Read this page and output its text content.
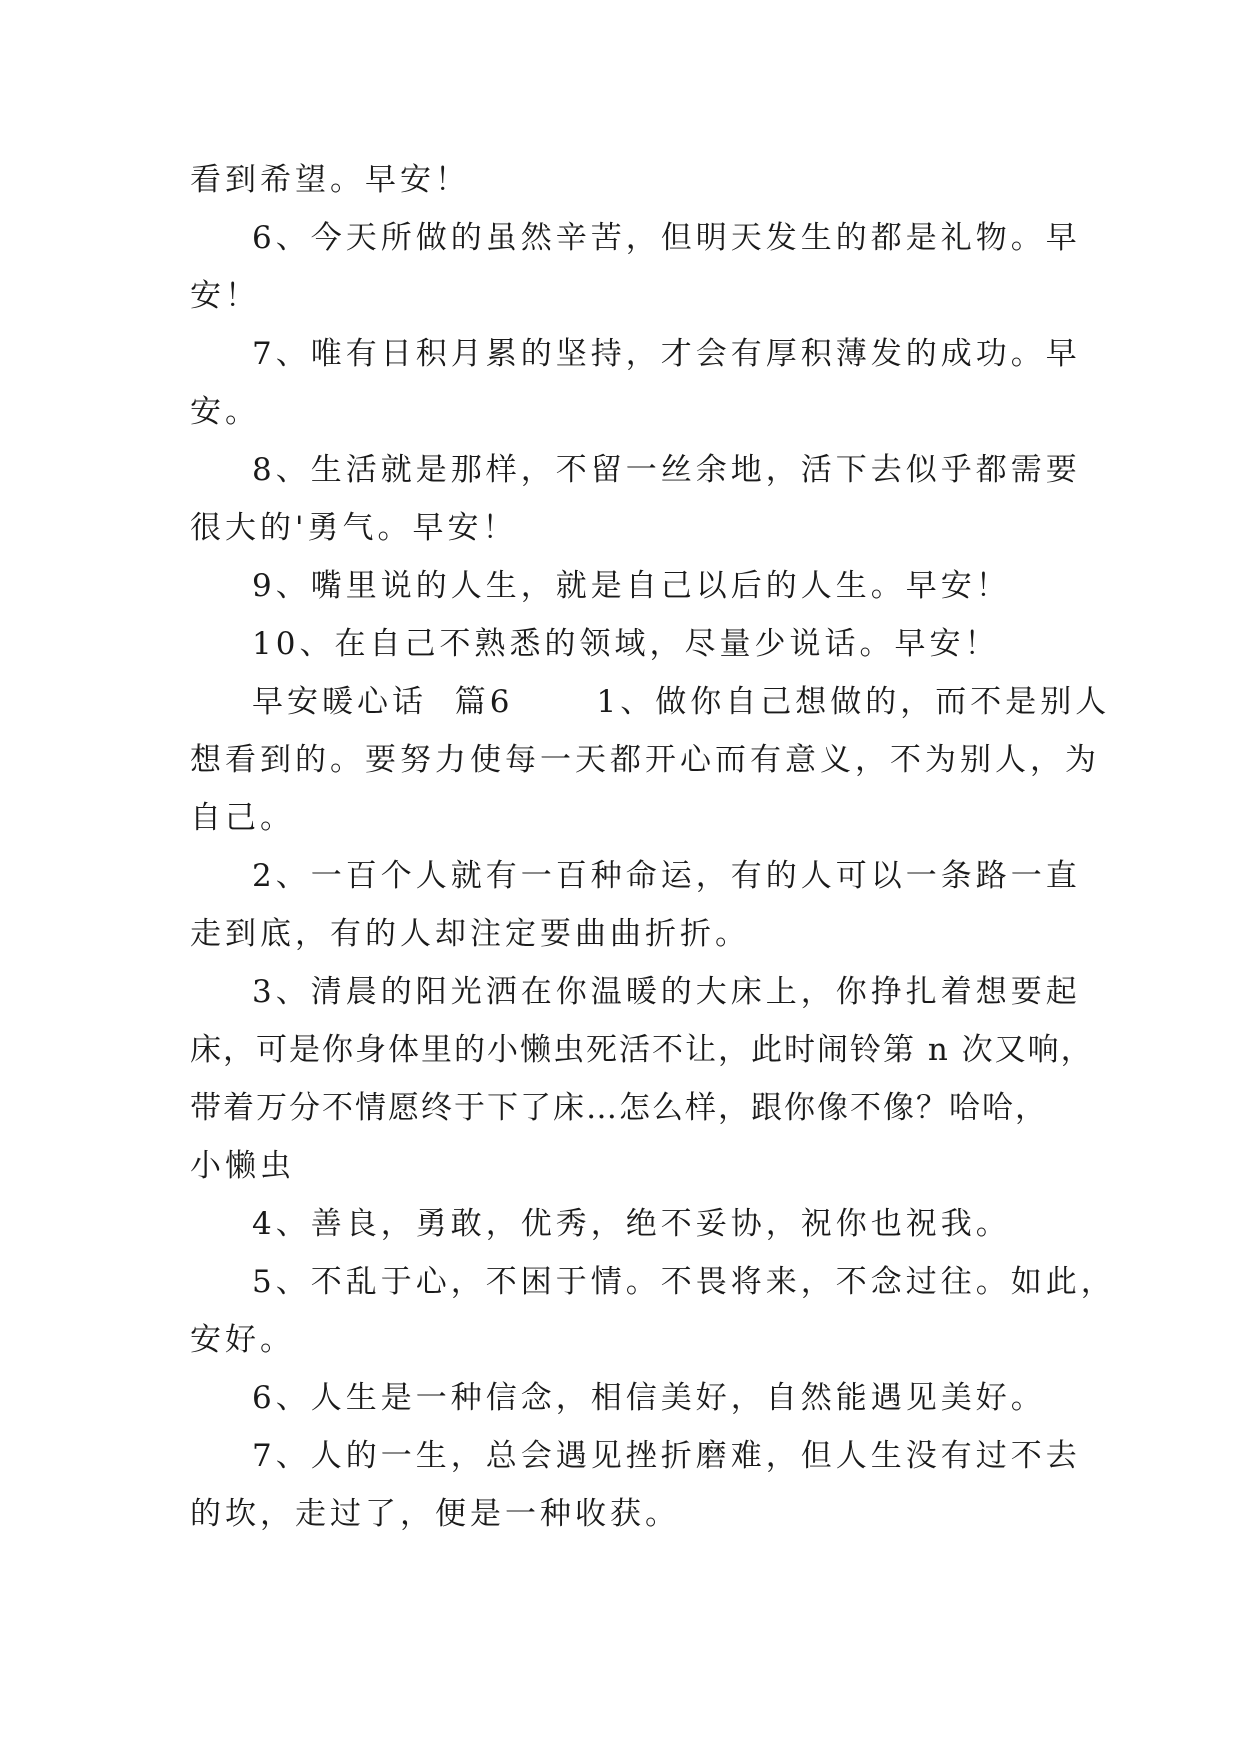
看到希望。早安！
6、今天所做的虽然辛苦，但明天发生的都是礼物。早
安！
7、唯有日积月累的坚持，才会有厚积薄发的成功。早
安。
8、生活就是那样，不留一丝余地，活下去似乎都需要
很大的'勇气。早安！
9、嘴里说的人生，就是自己以后的人生。早安！
10、在自己不熟悉的领域，尽量少说话。早安！
早安暖心话  篇6      1、做你自己想做的，而不是别人
想看到的。要努力使每一天都开心而有意义，不为别人，为
自己。
2、一百个人就有一百种命运，有的人可以一条路一直
走到底，有的人却注定要曲曲折折。
3、清晨的阳光洒在你温暖的大床上，你挣扎着想要起
床，可是你身体里的小懒虫死活不让，此时闹铃第 n 次又响，
带着万分不情愿终于下了床…怎么样，跟你像不像？哈哈，
小懒虫
4、善良，勇敢，优秀，绝不妥协，祝你也祝我。
5、不乱于心，不困于情。不畏将来，不念过往。如此，
安好。
6、人生是一种信念，相信美好，自然能遇见美好。
7、人的一生，总会遇见挫折磨难，但人生没有过不去
的坎，走过了，便是一种收获。
